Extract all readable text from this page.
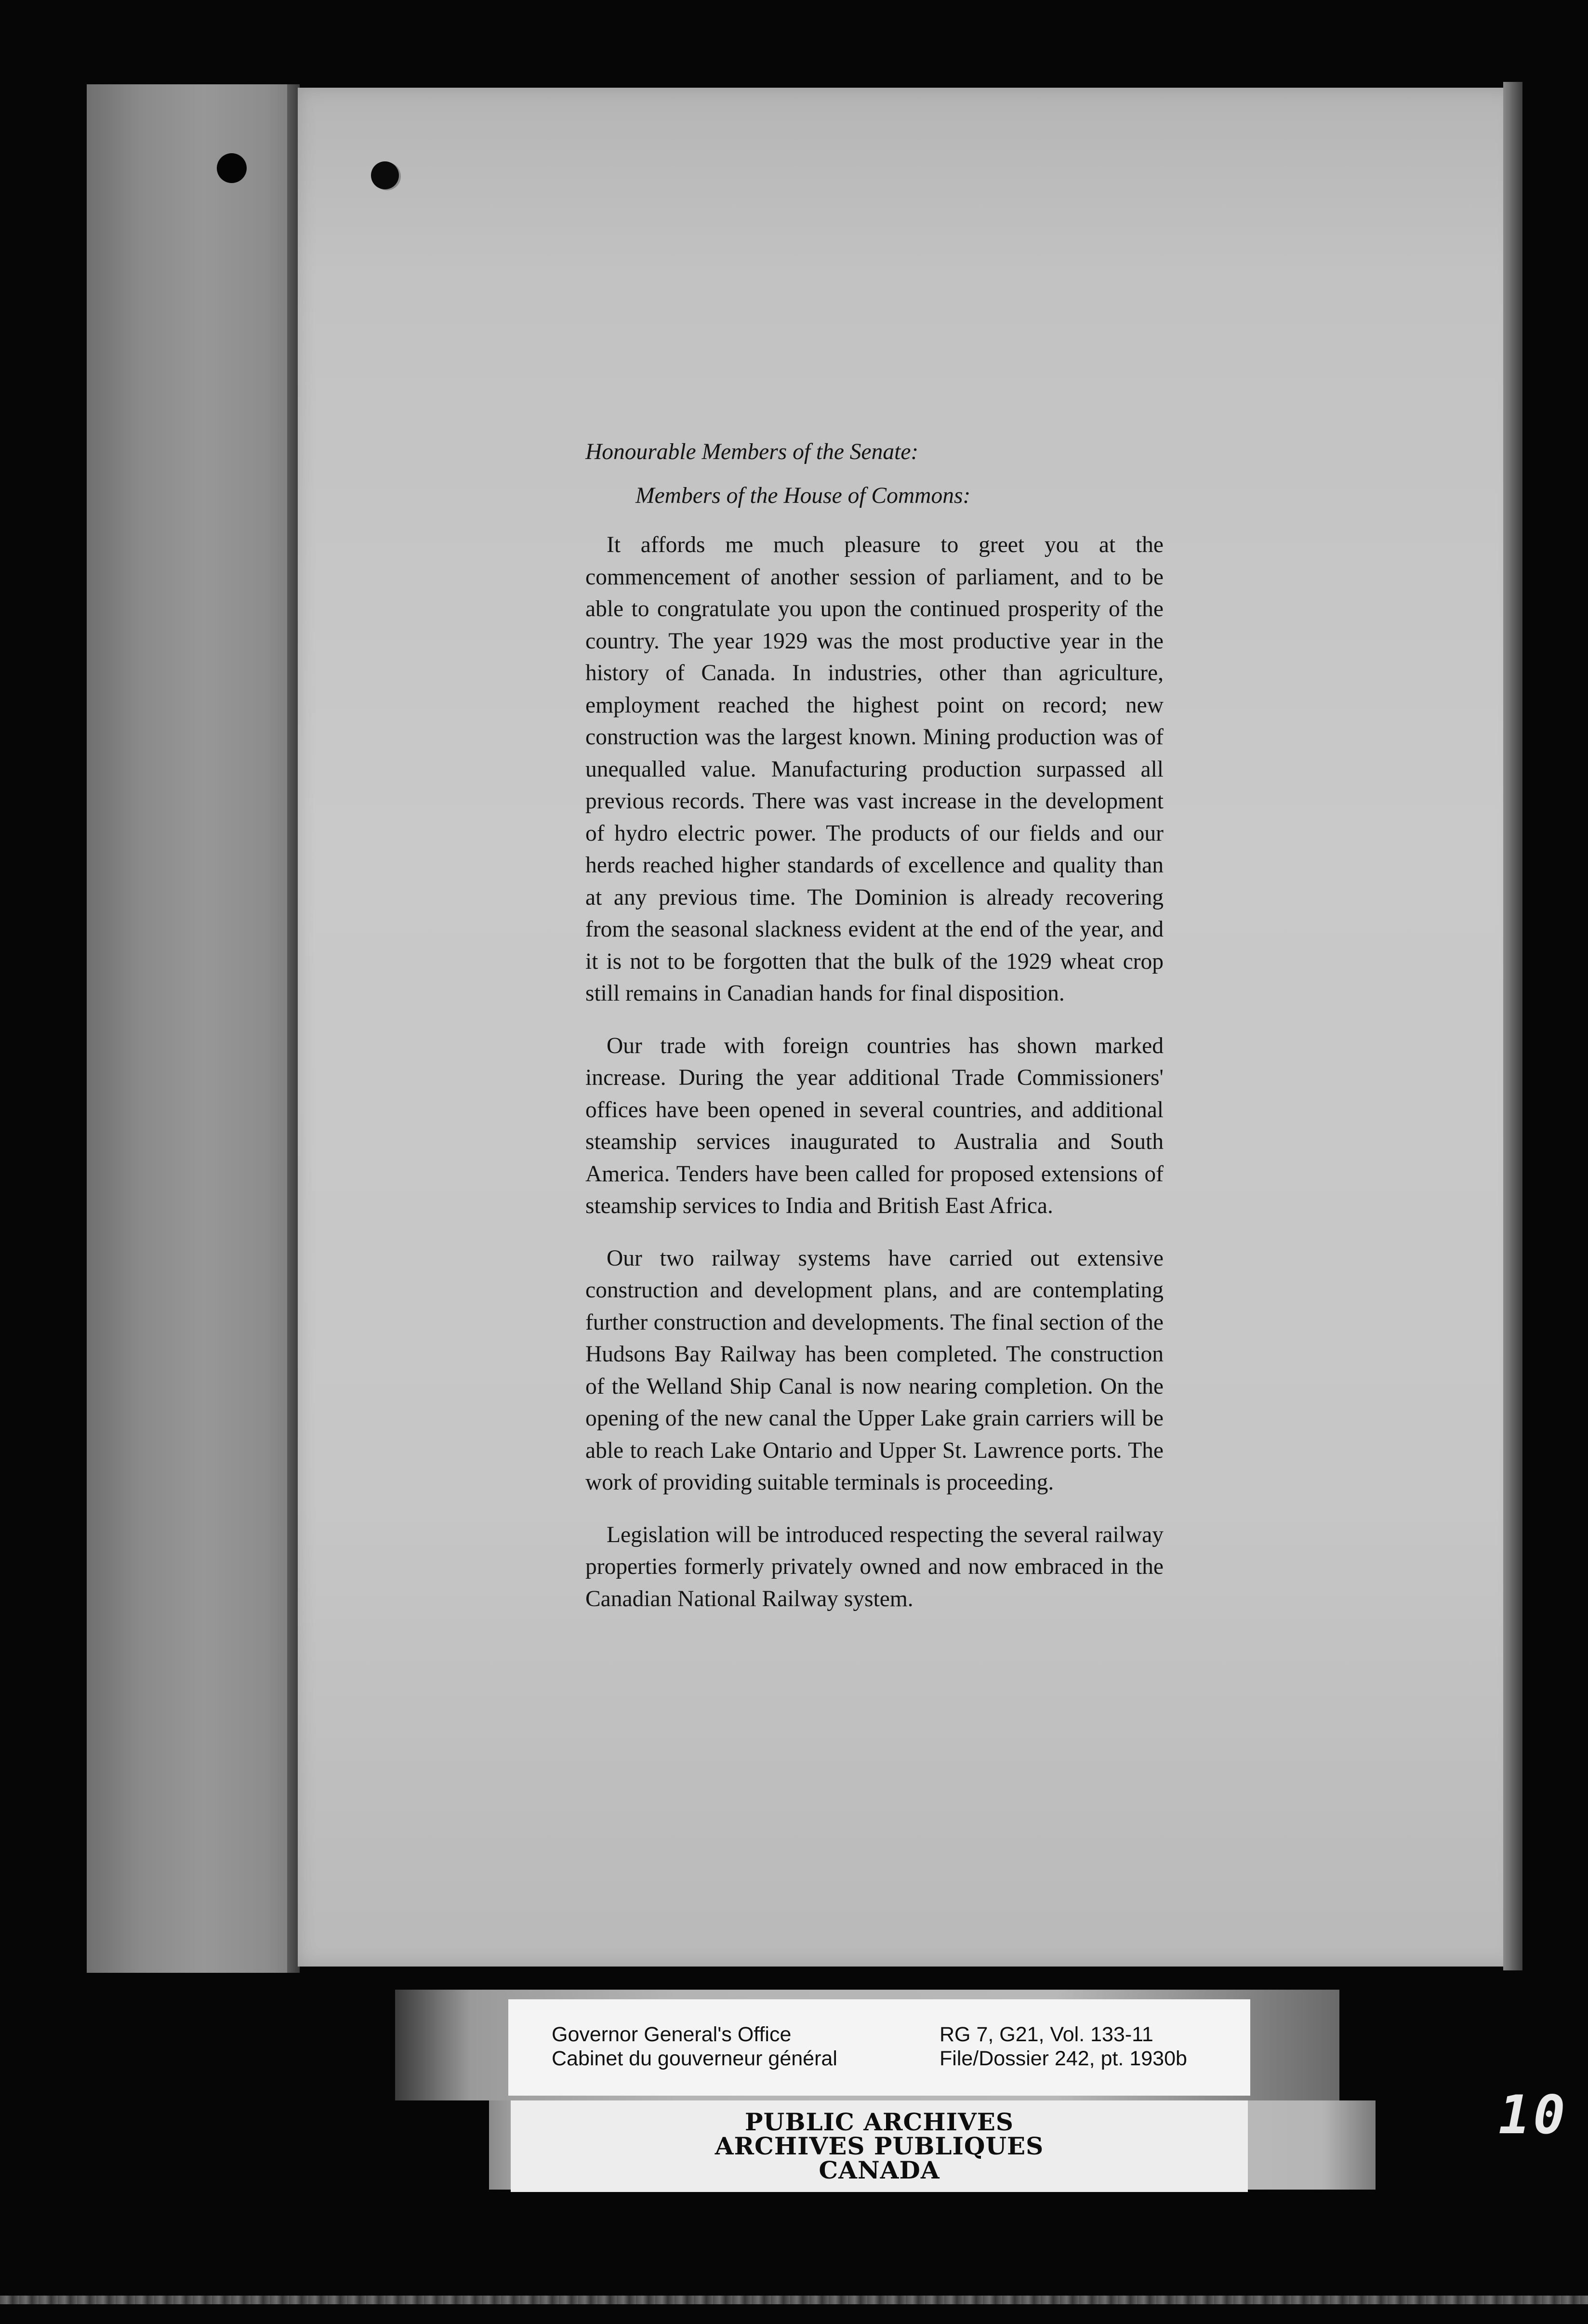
Honourable Members of the Senate:

Members of the House of Commons:

It affords me much pleasure to greet you at the commencement of another session of parliament, and to be able to congratulate you upon the continued prosperity of the country. The year 1929 was the most productive year in the history of Canada. In industries, other than agriculture, employment reached the highest point on record; new construction was the largest known. Mining production was of unequalled value. Manufacturing production surpassed all previous records. There was vast increase in the development of hydro electric power. The products of our fields and our herds reached higher standards of excellence and quality than at any previous time. The Dominion is already recovering from the seasonal slackness evident at the end of the year, and it is not to be forgotten that the bulk of the 1929 wheat crop still remains in Canadian hands for final disposition.

Our trade with foreign countries has shown marked increase. During the year additional Trade Commissioners' offices have been opened in several countries, and additional steamship services inaugurated to Australia and South America. Tenders have been called for proposed extensions of steamship services to India and British East Africa.

Our two railway systems have carried out extensive construction and development plans, and are contemplating further construction and developments. The final section of the Hudsons Bay Railway has been completed. The construction of the Welland Ship Canal is now nearing completion. On the opening of the new canal the Upper Lake grain carriers will be able to reach Lake Ontario and Upper St. Lawrence ports. The work of providing suitable terminals is proceeding.

Legislation will be introduced respecting the several railway properties formerly privately owned and now embraced in the Canadian National Railway system.

Governor General's Office
Cabinet du gouverneur général
RG 7, G21, Vol. 133-11
File/Dossier 242, pt. 1930b
PUBLIC ARCHIVES
ARCHIVES PUBLIQUES
CANADA
10
